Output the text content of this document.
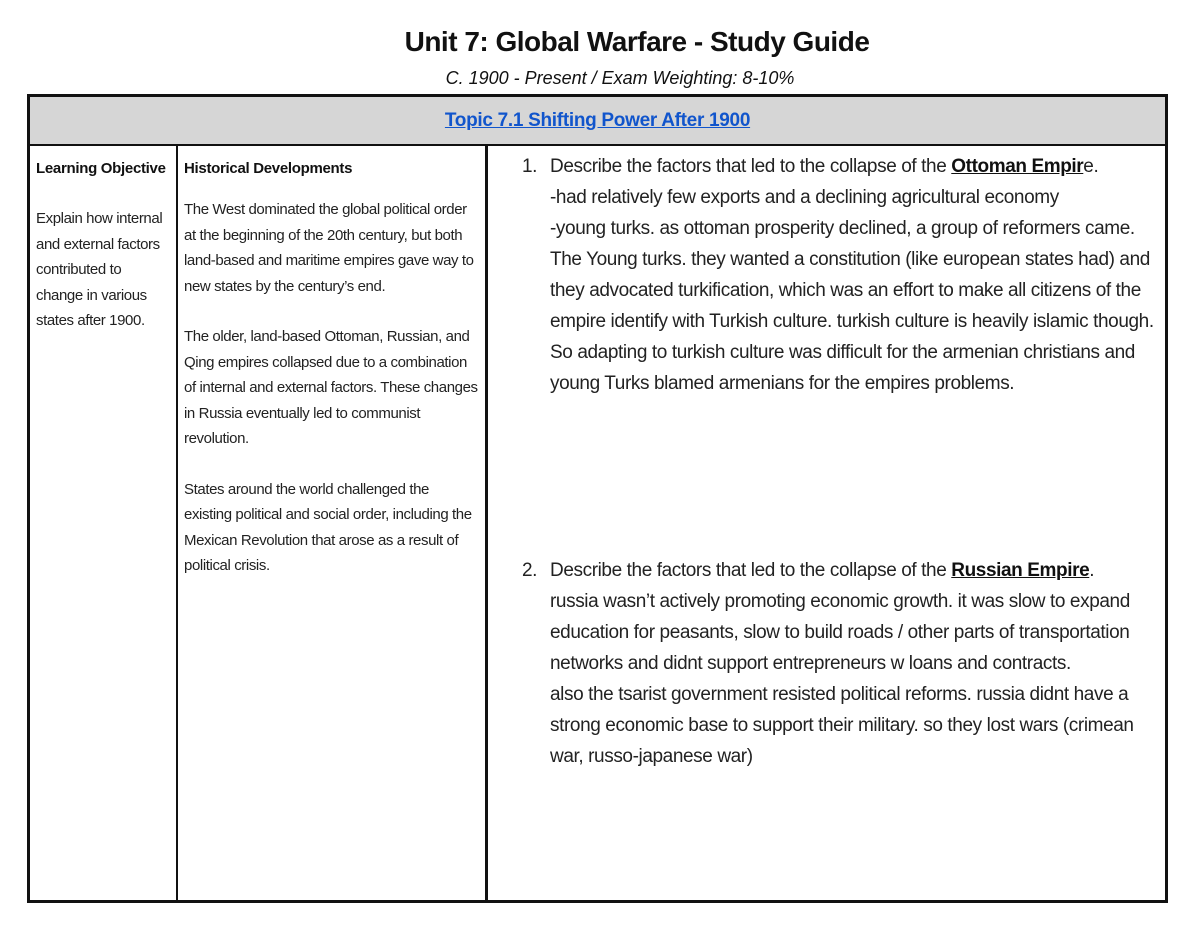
Unit 7: Global Warfare - Study Guide

C. 1900 - Present / Exam Weighting: 8-10%

Topic 7.1 Shifting Power After 1900
Learning Objective
Explain how internal and external factors contributed to change in various states after 1900.
Historical Developments
The West dominated the global political order at the beginning of the 20th century, but both land-based and maritime empires gave way to new states by the century’s end.
The older, land-based Ottoman, Russian, and Qing empires collapsed due to a combination of internal and external factors. These changes in Russia eventually led to communist revolution.
States around the world challenged the existing political and social order, including the Mexican Revolution that arose as a result of political crisis.
1. Describe the factors that led to the collapse of the Ottoman Empire.
-had relatively few exports and a declining agricultural economy
-young turks. as ottoman prosperity declined, a group of reformers came. The Young turks. they wanted a constitution (like european states had) and they advocated turkification, which was an effort to make all citizens of the empire identify with Turkish culture. turkish culture is heavily islamic though. So adapting to turkish culture was difficult for the armenian christians and young Turks blamed armenians for the empires problems.
2. Describe the factors that led to the collapse of the Russian Empire.
russia wasn’t actively promoting economic growth. it was slow to expand education for peasants, slow to build roads / other parts of transportation networks and didnt support entrepreneurs w loans and contracts.
also the tsarist government resisted political reforms. russia didnt have a strong economic base to support their military. so they lost wars (crimean war, russo-japanese war)
